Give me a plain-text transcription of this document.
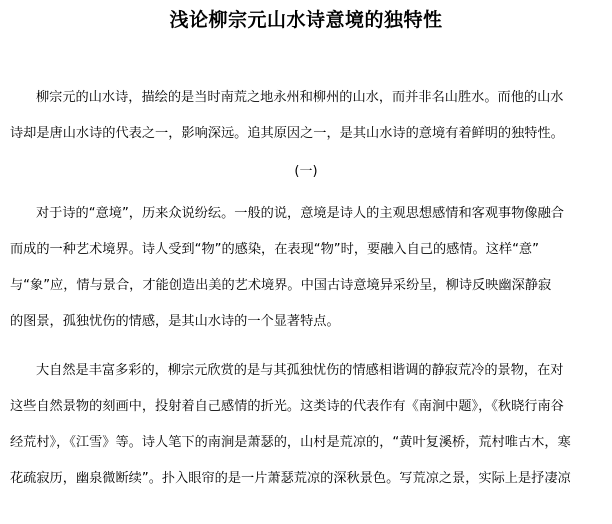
浅论柳宗元山水诗意境的独特性
柳宗元的山水诗，描绘的是当时南荒之地永州和柳州的山水，而并非名山胜水。而他的山水
诗却是唐山水诗的代表之一，影响深远。追其原因之一，是其山水诗的意境有着鲜明的独特性。
(一)
对于诗的“意境”，历来众说纷纭。一般的说，意境是诗人的主观思想感情和客观事物像融合
而成的一种艺术境界。诗人受到“物”的感染，在表现“物”时，要融入自己的感情。这样“意”
与“象”应，情与景合，才能创造出美的艺术境界。中国古诗意境异采纷呈，柳诗反映幽深静寂
的图景，孤独忧伤的情感，是其山水诗的一个显著特点。
大自然是丰富多彩的，柳宗元欣赏的是与其孤独忧伤的情感相谐调的静寂荒冷的景物，在对
这些自然景物的刻画中，投射着自己感情的折光。这类诗的代表作有《南涧中题》，《秋晓行南谷
经荒村》，《江雪》等。诗人笔下的南涧是萧瑟的，山村是荒凉的，“黄叶复溪桥，荒村唯古木，寒
花疏寂历，幽泉微断续”。扑入眼帘的是一片萧瑟荒凉的深秋景色。写荒凉之景，实际上是抒凄凉
